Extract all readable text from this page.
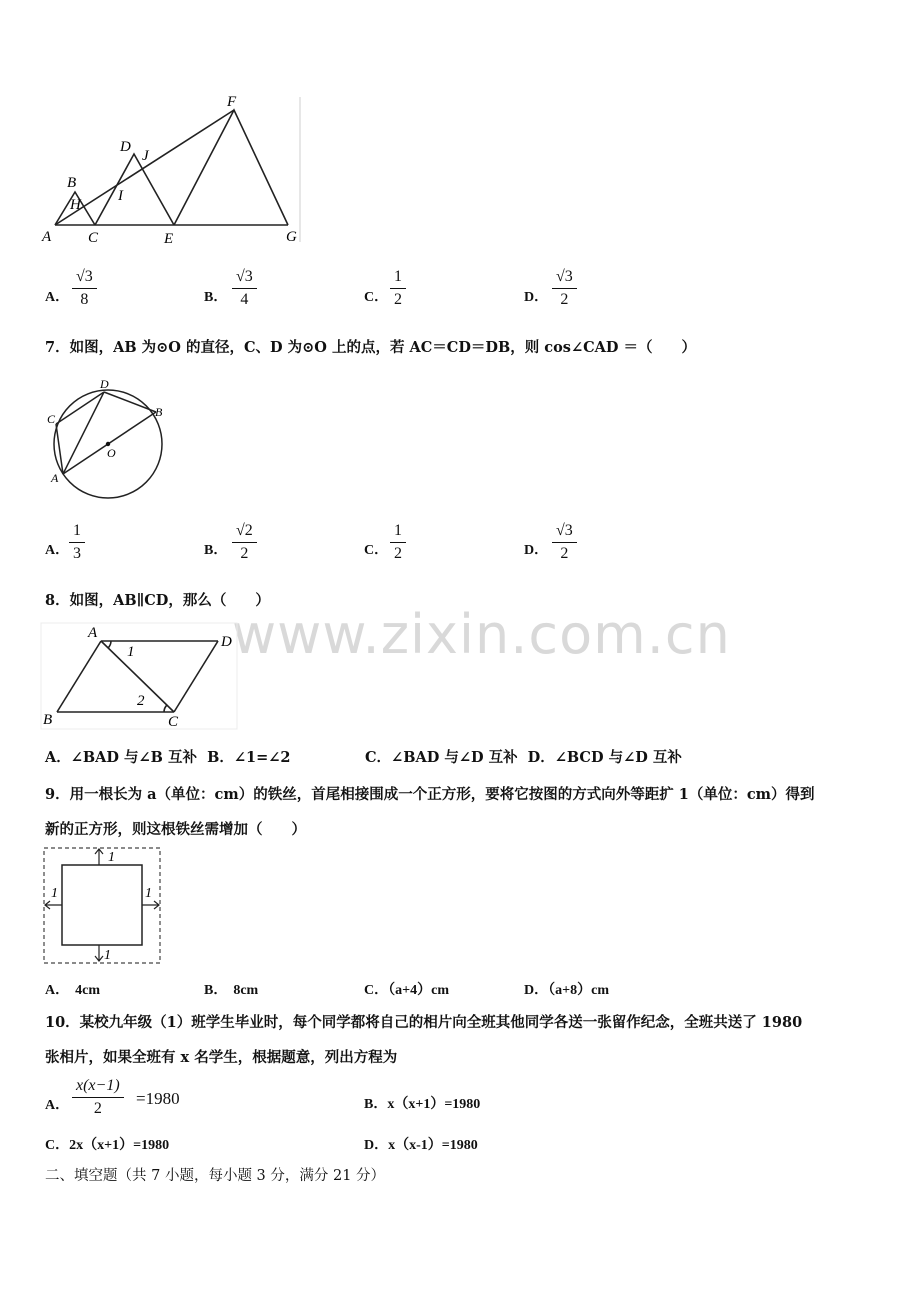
www.zixin.com.cn
A
B
H
C
D
J
I
E
F
G
A． $\frac{√3}{8}$	B． $\frac{√3}{4}$	C． $\frac{1}{2}$	D． $\frac{√3}{2}$
7．如图，AB 为⊙O 的直径，C、D 为⊙O 上的点，若 AC＝CD＝DB，则 cos∠CAD ＝（　　）
D
C	B
O
A
A． $\frac{1}{3}$	B． $\frac{√2}{2}$	C． $\frac{1}{2}$	D． $\frac{√3}{2}$
8．如图，AB∥CD，那么（　　）
A
D
B	C
1
2
A．∠BAD 与∠B 互补  B．∠1=∠2	C．∠BAD 与∠D 互补  D．∠BCD 与∠D 互补
9．用一根长为 a（单位：cm）的铁丝，首尾相接围成一个正方形，要将它按图的方式向外等距扩 1（单位：cm）得到
新的正方形，则这根铁丝需增加（　　）
1
1	1
1
A． 4cm	B． 8cm	C．（a+4）cm	D．（a+8）cm
10．某校九年级（1）班学生毕业时，每个同学都将自己的相片向全班其他同学各送一张留作纪念，全班共送了 1980
张相片，如果全班有 x 名学生，根据题意，列出方程为
A． $\frac{x(x-1)}{2} =1980$	B．x（x+1）=1980
C．2x（x+1）=1980	D．x（x-1）=1980
二、填空题（共 7 小题，每小题 3 分，满分 21 分）
